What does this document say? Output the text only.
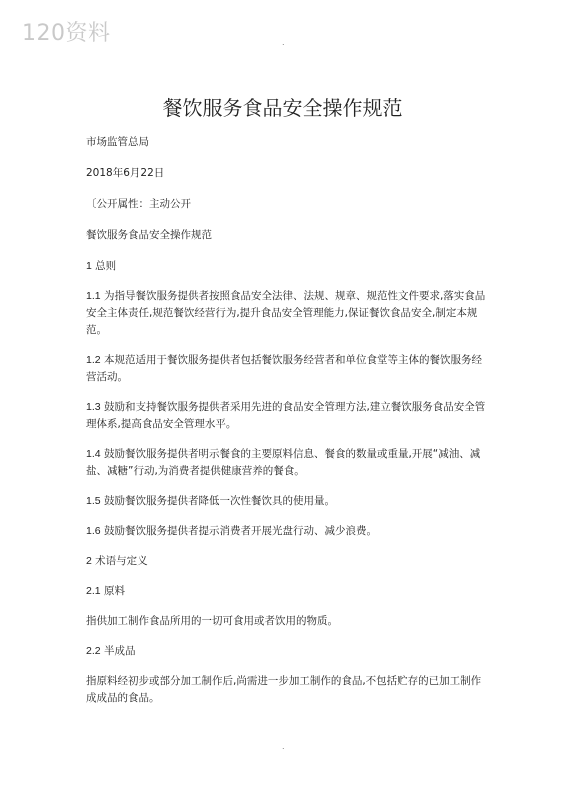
120资料	.
餐饮服务食品安全操作规范

市场监管总局

2018年6月22日

〔公开属性：主动公开

餐饮服务食品安全操作规范

1 总则

1.1 为指导餐饮服务提供者按照食品安全法律、法规、规章、规范性文件要求,落实食品安全主体责任,规范餐饮经营行为,提升食品安全管理能力,保证餐饮食品安全,制定本规范。

1.2 本规范适用于餐饮服务提供者包括餐饮服务经营者和单位食堂等主体的餐饮服务经营活动。

1.3 鼓励和支持餐饮服务提供者采用先进的食品安全管理方法,建立餐饮服务食品安全管理体系,提高食品安全管理水平。

1.4 鼓励餐饮服务提供者明示餐食的主要原料信息、餐食的数量或重量,开展“减油、减盐、减糖”行动,为消费者提供健康营养的餐食。

1.5 鼓励餐饮服务提供者降低一次性餐饮具的使用量。

1.6 鼓励餐饮服务提供者提示消费者开展光盘行动、减少浪费。

2 术语与定义

2.1 原料

指供加工制作食品所用的一切可食用或者饮用的物质。

2.2 半成品

指原料经初步或部分加工制作后,尚需进一步加工制作的食品,不包括贮存的已加工制作成成品的食品。

.
